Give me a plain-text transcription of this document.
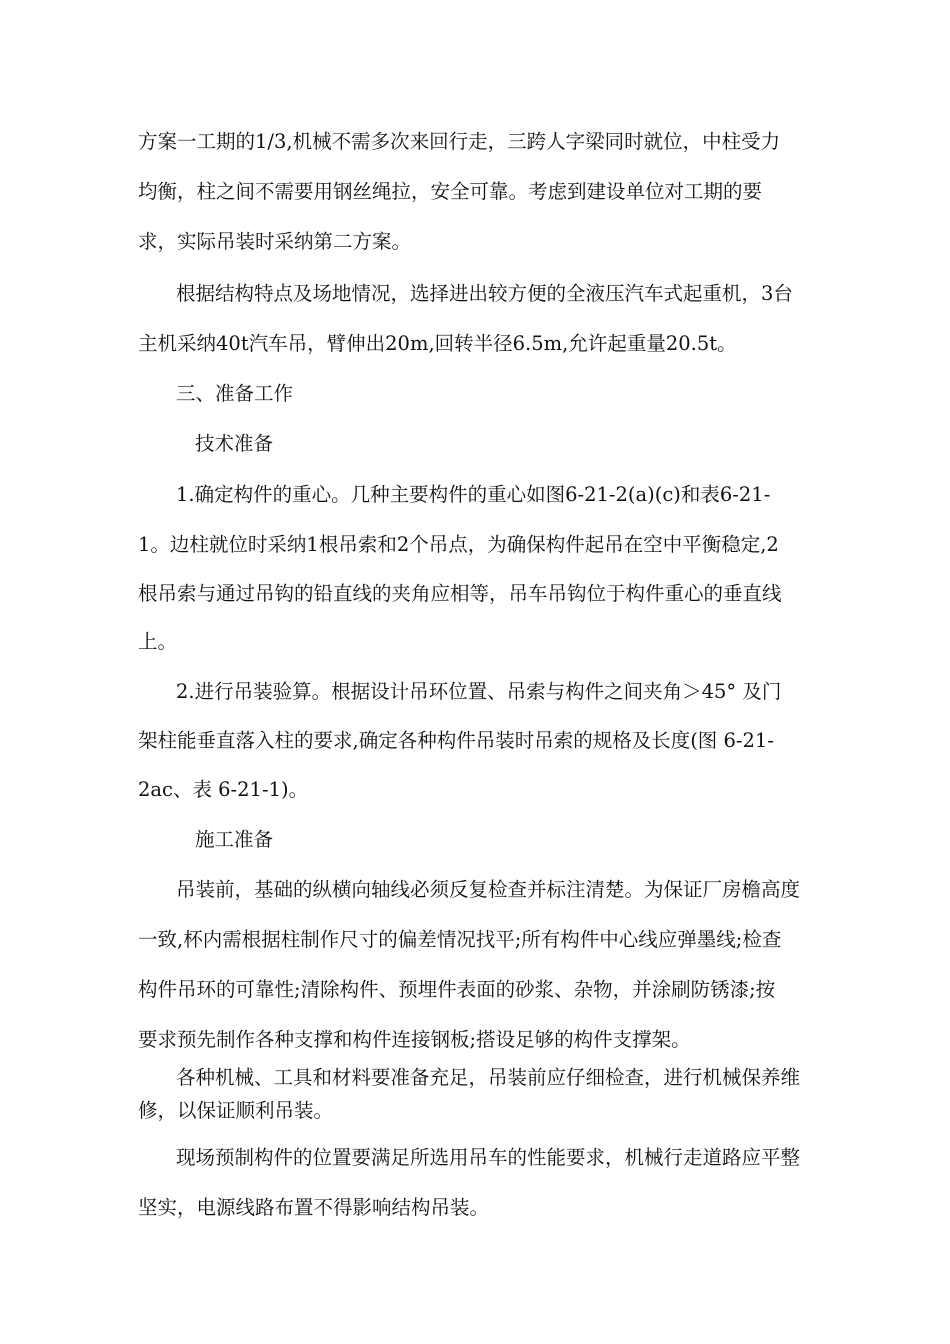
方案一工期的1/3,机械不需多次来回行走，三跨人字梁同时就位，中柱受力
均衡，柱之间不需要用钢丝绳拉，安全可靠。考虑到建设单位对工期的要
求，实际吊装时采纳第二方案。
根据结构特点及场地情况，选择进出较方便的全液压汽车式起重机，3台
主机采纳40t汽车吊，臂伸出20m,回转半径6.5m,允许起重量20.5t。
三、准备工作
技术准备
1.确定构件的重心。几种主要构件的重心如图6-21-2(a)(c)和表6-21-
1。边柱就位时采纳1根吊索和2个吊点，为确保构件起吊在空中平衡稳定,2
根吊索与通过吊钩的铅直线的夹角应相等，吊车吊钩位于构件重心的垂直线
上。
2.进行吊装验算。根据设计吊环位置、吊索与构件之间夹角＞45° 及门
架柱能垂直落入柱的要求,确定各种构件吊装时吊索的规格及长度(图 6-21-
2ac、表 6-21-1)。
施工准备
吊装前，基础的纵横向轴线必须反复检查并标注清楚。为保证厂房檐高度
一致,杯内需根据柱制作尺寸的偏差情况找平;所有构件中心线应弹墨线;检查
构件吊环的可靠性;清除构件、预埋件表面的砂浆、杂物，并涂刷防锈漆;按
要求预先制作各种支撑和构件连接钢板;搭设足够的构件支撑架。
各种机械、工具和材料要准备充足，吊装前应仔细检查，进行机械保养维
修，以保证顺利吊装。
现场预制构件的位置要满足所选用吊车的性能要求，机械行走道路应平整
坚实，电源线路布置不得影响结构吊装。
